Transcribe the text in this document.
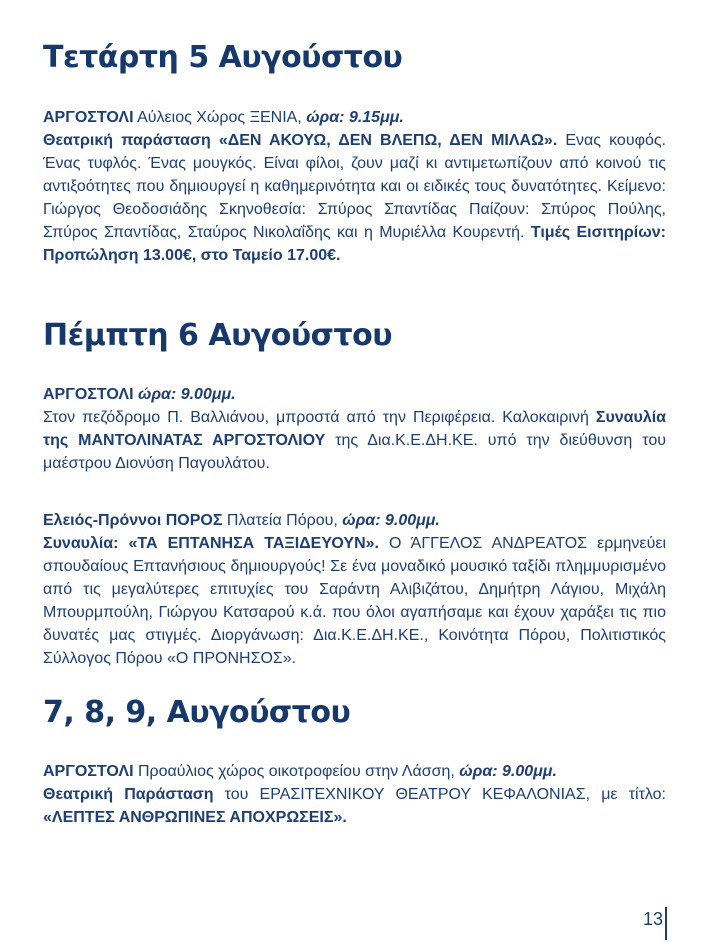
Τετάρτη 5 Αυγούστου

ΑΡΓΟΣΤΟΛΙ Αύλειος Χώρος ΞΕΝΙΑ, ώρα: 9.15μμ.
Θεατρική παράσταση «ΔΕΝ ΑΚΟΥΩ, ΔΕΝ ΒΛΕΠΩ, ΔΕΝ ΜΙΛΑΩ». Ενας κουφός. Ένας τυφλός. Ένας μουγκός. Είναι φίλοι, ζουν μαζί κι αντιμετωπίζουν από κοινού τις αντιξοότητες που δημιουργεί η καθημερινότητα και οι ειδικές τους δυνατότητες. Κείμενο: Γιώργος Θεοδοσιάδης Σκηνοθεσία: Σπύρος Σπαντίδας Παίζουν: Σπύρος Πούλης, Σπύρος Σπαντίδας, Σταύρος Νικολαΐδης και η Μυριέλλα Κουρεντή. Τιμές Εισιτηρίων: Προπώληση 13.00€, στο Ταμείο 17.00€.

Πέμπτη 6 Αυγούστου

ΑΡΓΟΣΤΟΛΙ ώρα: 9.00μμ.
Στον πεζόδρομο Π. Βαλλιάνου, μπροστά από την Περιφέρεια. Καλοκαιρινή Συναυλία της ΜΑΝΤΟΛΙΝΑΤΑΣ ΑΡΓΟΣΤΟΛΙΟΥ της Δια.Κ.Ε.ΔΗ.ΚΕ. υπό την διεύθυνση του μαέστρου Διονύση Παγουλάτου.

Ελειός-Πρόννοι ΠΟΡΟΣ Πλατεία Πόρου, ώρα: 9.00μμ.
Συναυλία: «ΤΑ ΕΠΤΑΝΗΣΑ ΤΑΞΙΔΕΥΟΥΝ». Ο ΆΓΓΕΛΟΣ ΑΝΔΡΕΑΤΟΣ ερμηνεύει σπουδαίους Επτανήσιους δημιουργούς! Σε ένα μοναδικό μουσικό ταξίδι πλημμυρισμένο από τις μεγαλύτερες επιτυχίες του Σαράντη Αλιβιζάτου, Δημήτρη Λάγιου, Μιχάλη Μπουρμπούλη, Γιώργου Κατσαρού κ.ά. που όλοι αγαπήσαμε και έχουν χαράξει τις πιο δυνατές μας στιγμές. Διοργάνωση: Δια.Κ.Ε.ΔΗ.ΚΕ., Κοινότητα Πόρου, Πολιτιστικός Σύλλογος Πόρου «Ο ΠΡΟΝΗΣΟΣ».

7, 8, 9, Αυγούστου

ΑΡΓΟΣΤΟΛΙ Προαύλιος χώρος οικοτροφείου στην Λάσση, ώρα: 9.00μμ.
Θεατρική Παράσταση του ΕΡΑΣΙΤΕΧΝΙΚΟΥ ΘΕΑΤΡΟΥ ΚΕΦΑΛΟΝΙΑΣ, με τίτλο: «ΛΕΠΤΕΣ ΑΝΘΡΩΠΙΝΕΣ ΑΠΟΧΡΩΣΕΙΣ».

13
